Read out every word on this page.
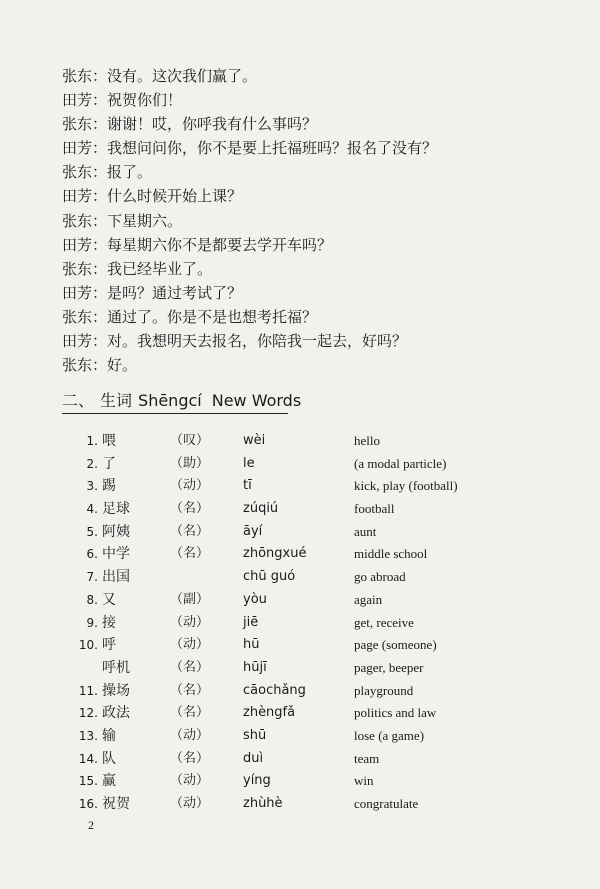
张东：没有。这次我们赢了。
田芳：祝贺你们！
张东：谢谢！哎，你呼我有什么事吗？
田芳：我想问问你，你不是要上托福班吗？报名了没有？
张东：报了。
田芳：什么时候开始上课？
张东：下星期六。
田芳：每星期六你不是都要去学开车吗？
张东：我已经毕业了。
田芳：是吗？通过考试了？
张东：通过了。你是不是也想考托福？
田芳：对。我想明天去报名，你陪我一起去，好吗？
张东：好。
二、 生词 Shēngcí New Words
1. 喂	（叹）	wèi	hello
2. 了	（助）	le	(a modal particle)
3. 踢	（动）	tī	kick, play (football)
4. 足球	（名）	zúqiú	football
5. 阿姨	（名）	āyí	aunt
6. 中学	（名）	zhōngxué	middle school
7. 出国	chū guó	go abroad
8. 又	（副）	yòu	again
9. 接	（动）	jiē	get, receive
10. 呼	（动）	hū	page (someone)
呼机	（名）	hūjī	pager, beeper
11. 操场	（名）	cāochǎng	playground
12. 政法	（名）	zhèngfǎ	politics and law
13. 输	（动）	shū	lose (a game)
14. 队	（名）	duì	team
15. 赢	（动）	yíng	win
16. 祝贺	（动）	zhùhè	congratulate
2
